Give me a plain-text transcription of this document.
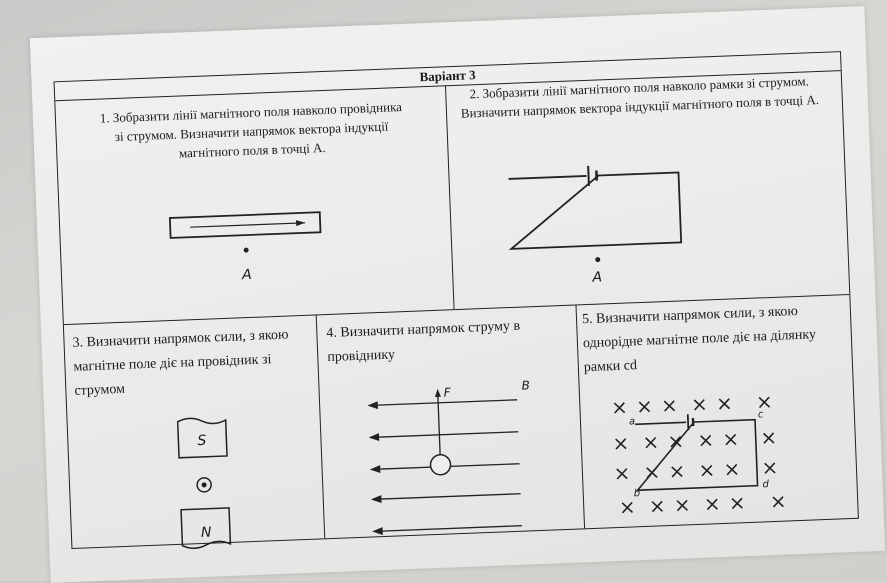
Варіант 3
1. Зобразити лінії магнітного поля навколо провідника зі струмом. Визначити напрямок вектора індукції магнітного поля в точці А.
A
2. Зобразити лінії магнітного поля навколо рамки зі струмом. Визначити напрямок вектора індукції магнітного поля в точці А.
A
3. Визначити напрямок сили, з якою магнітне поле діє на провідник зі струмом
S
N
4. Визначити напрямок струму в провіднику
F	B
5. Визначити напрямок сили, з якою однорідне магнітне поле діє на ділянку рамки cd
a
b
c
d
